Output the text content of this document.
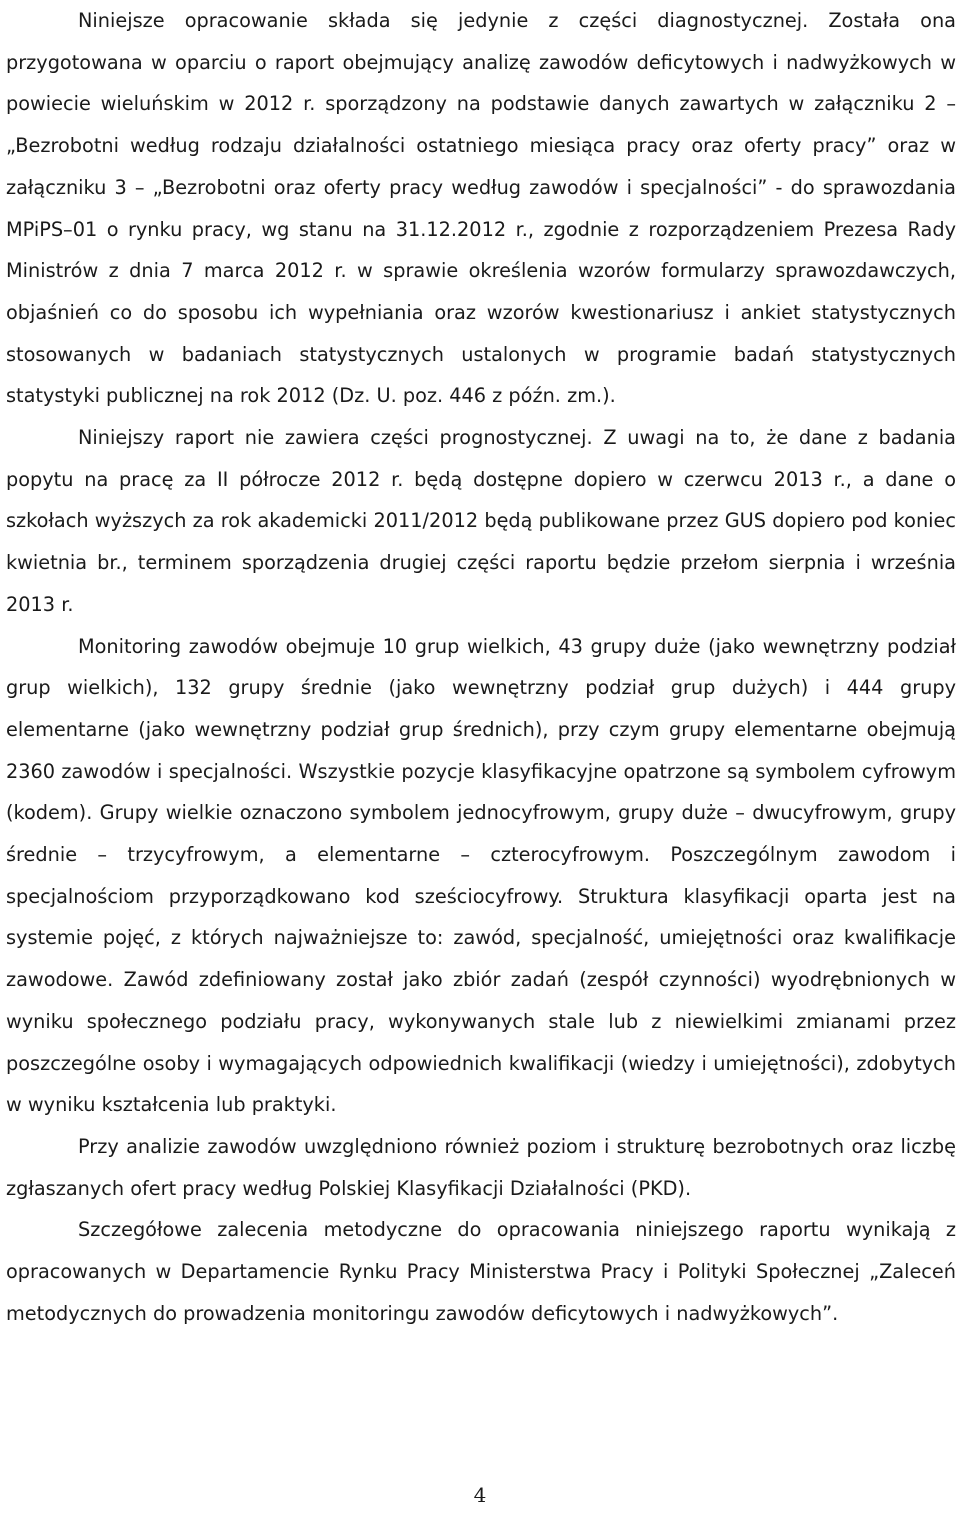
Niniejsze opracowanie składa się jedynie z części diagnostycznej. Została ona przygotowana w oparciu o raport obejmujący analizę zawodów deficytowych i nadwyżkowych w powiecie wieluńskim w 2012 r. sporządzony na podstawie danych zawartych w załączniku 2 – „Bezrobotni według rodzaju działalności ostatniego miesiąca pracy oraz oferty pracy” oraz w załączniku 3 – „Bezrobotni oraz oferty pracy według zawodów i specjalności” - do sprawozdania MPiPS–01 o rynku pracy, wg stanu na 31.12.2012 r., zgodnie z rozporządzeniem Prezesa Rady Ministrów z dnia 7 marca 2012 r. w sprawie określenia wzorów formularzy sprawozdawczych, objaśnień co do sposobu ich wypełniania oraz wzorów kwestionariusz i ankiet statystycznych stosowanych w badaniach statystycznych ustalonych w programie badań statystycznych statystyki publicznej na rok 2012 (Dz. U. poz. 446 z późn. zm.).

Niniejszy raport nie zawiera części prognostycznej. Z uwagi na to, że dane z badania popytu na pracę za II półrocze 2012 r. będą dostępne dopiero w czerwcu 2013 r., a dane o szkołach wyższych za rok akademicki 2011/2012 będą publikowane przez GUS dopiero pod koniec kwietnia br., terminem sporządzenia drugiej części raportu będzie przełom sierpnia i września 2013 r.

Monitoring zawodów obejmuje 10 grup wielkich, 43 grupy duże (jako wewnętrzny podział grup wielkich), 132 grupy średnie (jako wewnętrzny podział grup dużych) i 444 grupy elementarne (jako wewnętrzny podział grup średnich), przy czym grupy elementarne obejmują 2360 zawodów i specjalności. Wszystkie pozycje klasyfikacyjne opatrzone są symbolem cyfrowym (kodem). Grupy wielkie oznaczono symbolem jednocyfrowym, grupy duże – dwucyfrowym, grupy średnie – trzycyfrowym, a elementarne – czterocyfrowym. Poszczególnym zawodom i specjalnościom przyporządkowano kod sześciocyfrowy. Struktura klasyfikacji oparta jest na systemie pojęć, z których najważniejsze to: zawód, specjalność, umiejętności oraz kwalifikacje zawodowe. Zawód zdefiniowany został jako zbiór zadań (zespół czynności) wyodrębnionych w wyniku społecznego podziału pracy, wykonywanych stale lub z niewielkimi zmianami przez poszczególne osoby i wymagających odpowiednich kwalifikacji (wiedzy i umiejętności), zdobytych w wyniku kształcenia lub praktyki.

Przy analizie zawodów uwzględniono również poziom i strukturę bezrobotnych oraz liczbę zgłaszanych ofert pracy według Polskiej Klasyfikacji Działalności (PKD).

Szczegółowe zalecenia metodyczne do opracowania niniejszego raportu wynikają z opracowanych w Departamencie Rynku Pracy Ministerstwa Pracy i Polityki Społecznej „Zaleceń metodycznych do prowadzenia monitoringu zawodów deficytowych i nadwyżkowych”.

4
